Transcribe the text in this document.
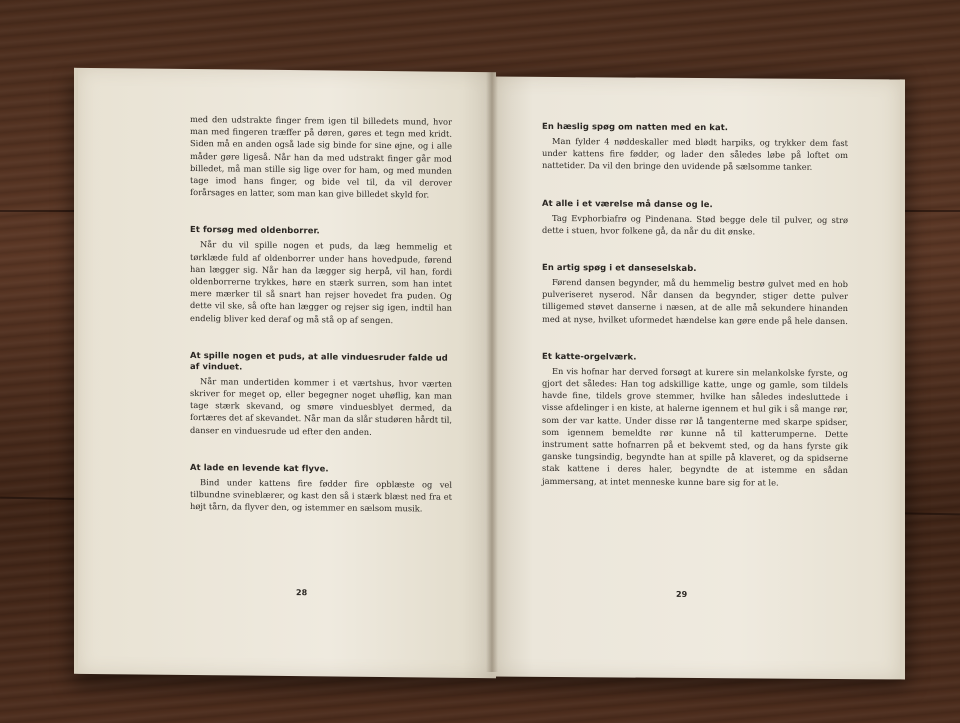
med den udstrakte finger frem igen til billedets mund, hvor man med fingeren træffer på døren, gøres et tegn med kridt. Siden må en anden også lade sig binde for sine øjne, og i alle måder gøre ligeså. Når han da med udstrakt finger går mod billedet, må man stille sig lige over for ham, og med munden tage imod hans finger, og bide vel til, da vil derover forårsages en latter, som man kan give billedet skyld for.

Et forsøg med oldenborrer.

Når du vil spille nogen et puds, da læg hemmelig et tørklæde fuld af oldenborrer under hans hovedpude, førend han lægger sig. Når han da lægger sig herpå, vil han, fordi oldenborrerne trykkes, høre en stærk surren, som han intet mere mærker til så snart han rejser hovedet fra puden. Og dette vil ske, så ofte han lægger og rejser sig igen, indtil han endelig bliver ked deraf og må stå op af sengen.

At spille nogen et puds, at alle vinduesruder falde ud af vinduet.

Når man undertiden kommer i et værtshus, hvor værten skriver for meget op, eller begegner noget uhøflig, kan man tage stærk skevand, og smøre vinduesblyet dermed, da fortæres det af skevandet. Når man da slår studøren hårdt til, danser en vinduesrude ud efter den anden.

At lade en levende kat flyve.

Bind under kattens fire fødder fire opblæste og vel tilbundne svineblærer, og kast den så i stærk blæst ned fra et højt tårn, da flyver den, og istemmer en sælsom musik.

28
En hæslig spøg om natten med en kat.

Man fylder 4 nøddeskaller med blødt harpiks, og trykker dem fast under kattens fire fødder, og lader den således løbe på loftet om nattetider. Da vil den bringe den uvidende på sælsomme tanker.

At alle i et værelse må danse og le.

Tag Evphorbiafrø og Pindenana. Stød begge dele til pulver, og strø dette i stuen, hvor folkene gå, da når du dit ønske.

En artig spøg i et danseselskab.

Førend dansen begynder, må du hemmelig bestrø gulvet med en hob pulveriseret nyserod. Når dansen da begynder, stiger dette pulver tilligemed støvet danserne i næsen, at de alle må sekundere hinanden med at nyse, hvilket uformedet hændelse kan gøre ende på hele dansen.

Et katte-orgelværk.

En vis hofnar har derved forsøgt at kurere sin melankolske fyrste, og gjort det således: Han tog adskillige katte, unge og gamle, som tildels havde fine, tildels grove stemmer, hvilke han således indesluttede i visse afdelinger i en kiste, at halerne igennem et hul gik i så mange rør, som der var katte. Under disse rør lå tangenterne med skarpe spidser, som igennem bemeldte rør kunne nå til katterumperne. Dette instrument satte hofnarren på et bekvemt sted, og da hans fyrste gik ganske tungsindig, begyndte han at spille på klaveret, og da spidserne stak kattene i deres haler, begyndte de at istemme en sådan jammersang, at intet menneske kunne bare sig for at le.

29
